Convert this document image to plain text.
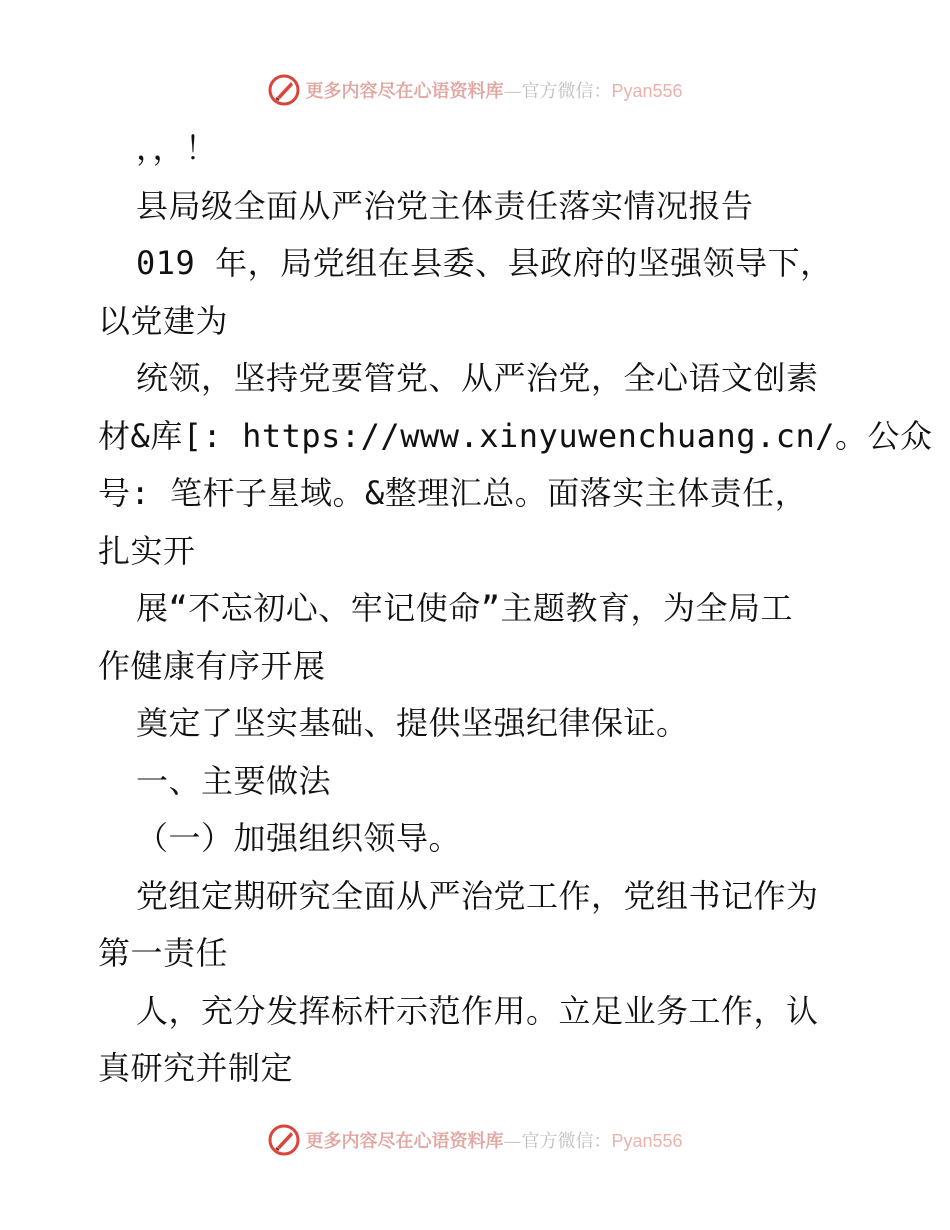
更多内容尽在心语资料库—官方微信：Pyan556
，，！
县局级全面从严治党主体责任落实情况报告
019 年，局党组在县委、县政府的坚强领导下，
以党建为
统领，坚持党要管党、从严治党，全心语文创素
材&库[: https://www.xinyuwenchuang.cn/。公众
号: 笔杆子星域。&整理汇总。面落实主体责任，
扎实开
展“不忘初心、牢记使命”主题教育，为全局工
作健康有序开展
奠定了坚实基础、提供坚强纪律保证。
一、主要做法
（一）加强组织领导。
党组定期研究全面从严治党工作，党组书记作为
第一责任
人，充分发挥标杆示范作用。立足业务工作，认
真研究并制定
更多内容尽在心语资料库—官方微信：Pyan556
